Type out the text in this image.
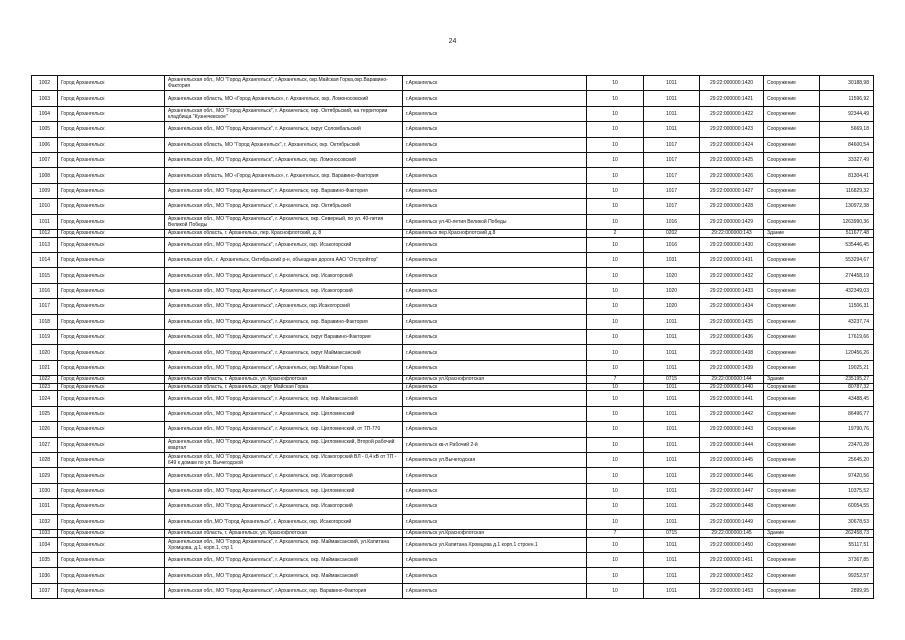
24
1002	Город Архангельск	Архангельская обл., МО "Город Архангельск", г.Архангельск, окр.Майская Горка,окр.Варавино-Фактория	г.Архангельск	10	1011	29:22:000000:1420	Сооружение	30188,98
1003	Город Архангельск	Архангельская область, МО «Город Архангельск», г. Архангельск, окр. Ломоносовский	г.Архангельск	10	1011	29:22:000000:1421	Сооружение	11596,92
1004	Город Архангельск	Архангельская обл., МО "Город Архангельск", г. Архангельск, окр. Октябрьский, на территории кладбища "Кузнечевское"	г.Архангельск	10	1011	29:22:000000:1422	Сооружение	92344,49
1005	Город Архангельск	Архангельская обл., МО "Город Архангельск", г. Архангельск, округ Соломбальский	г.Архангельск	10	1011	29:22:000000:1423	Сооружение	5669,18
1006	Город Архангельск	Архангельская область, МО "Город Архангельск", г. Архангельск, окр. Октябрьский	г.Архангельск	10	1017	29:22:000000:1424	Сооружение	84600,54
1007	Город Архангельск	Архангельская обл., МО "Город Архангельск", г.Архангельск, окр. Ломоносовский	г.Архангельск	10	1017	29:22:000000:1425	Сооружение	33327,49
1008	Город Архангельск	Архангельская область, МО «Город Архангельск», г. Архангельск, окр. Варавино-Фактория	г.Архангельск	10	1017	29:22:000000:1426	Сооружение	81304,41
1009	Город Архангельск	Архангельская обл., МО "Город Архангельск", г. Архангельск, окр. Варавино-Фактория	г.Архангельск	10	1017	29:22:000000:1427	Сооружение	116829,32
1010	Город Архангельск	Архангельская обл., МО "Город Архангельск", г. Архангельск, окр. Октябрьский	г.Архангельск	10	1017	29:22:000000:1428	Сооружение	130972,38
1011	Город Архангельск	Архангельская обл., МО "Город Архангельск", г. Архангельск, окр. Северный, по ул. 40-летия Великой Победы	г.Архангельск ул.40-летия Великой Победы	10	1016	29:22:000000:1429	Сооружение	1263990,36
1012	Город Архангельск	Архангельская область, г. Архангельск, пер. Краснофлотский, д. 8	г.Архангельск пер.Краснофлотский д.8	2	0202	29:22:000000:143	Здание	511677,48
1013	Город Архангельск	Архангельская обл., МО "Город Архангельск", г.Архангельск, окр. Исакогорский	г.Архангельск	10	1016	29:22:000000:1430	Сооружение	535446,45
1014	Город Архангельск	Архангельская обл., г. Архангельск, Октябрьский р-н, объездная дорога ААО "Отстройтор"	г.Архангельск	10	1031	29:22:000000:1431	Сооружение	553294,67
1015	Город Архангельск	Архангельская обл., МО "Город Архангельск", г. Архангельск, окр. Исакогорский	г.Архангельск	10	1020	29:22:000000:1432	Сооружение	274458,19
1016	Город Архангельск	Архангельская обл., МО "Город Архангельск", г. Архангельск, окр. Исакогорский	г.Архангельск	10	1020	29:22:000000:1433	Сооружение	432349,03
1017	Город Архангельск	Архангельская обл., МО "Город Архангельск", г.Архангельск, окр.Исакогорский	г.Архангельск	10	1020	29:22:000000:1434	Сооружение	11506,31
1018	Город Архангельск	Архангельская обл., МО "Город Архангельск", г. Архангельск, окр. Варавино-Фактория	г.Архангельск	10	1011	29:22:000000:1435	Сооружение	43237,74
1019	Город Архангельск	Архангельская обл., МО "Город Архангельск", г. Архангельск, округ Варавино-Фактория	г.Архангельск	10	1011	29:22:000000:1436	Сооружение	17619,66
1020	Город Архангельск	Архангельская обл., МО "Город Архангельск", г. Архангельск, округ Маймаксанский	г.Архангельск	10	1011	29:22:000000:1438	Сооружение	120456,26
1021	Город Архангельск	Архангельская обл., МО "Город Архангельск", г.Архангельск, окр.Майская Горка	г.Архангельск	10	1011	29:22:000000:1439	Сооружение	19025,21
1022	Город Архангельск	Архангельская область, г. Архангельск, ул. Краснофлотская	г.Архангельск ул.Краснофлотская	7	0715	29:22:000000:144	Здание	235195,27
1023	Город Архангельск	Архангельская область, г. Архангельск, округ Майская Горка	г.Архангельск	10	1011	29:22:000000:1440	Сооружение	80787,32
1024	Город Архангельск	Архангельская обл., МО "Город Архангельск", г. Архангельск, окр. Маймаксанский	г.Архангельск	10	1011	29:22:000000:1441	Сооружение	43488,45
1025	Город Архангельск	Архангельская обл., МО "Город Архангельск", г. Архангельск, окр. Цигломенский	г.Архангельск	10	1011	29:22:000000:1442	Сооружение	86496,77
1026	Город Архангельск	Архангельская обл., МО "Город Архангельск", г. Архангельск, окр. Цигломенский, от ТП-770	г.Архангельск	10	1011	29:22:000000:1443	Сооружение	19790,76
1027	Город Архангельск	Архангельская обл., МО "Город Архангельск", г. Архангельск, окр. Цигломенский, Второй рабочий квартал	г.Архангельск кв-л Рабочий 2-й	10	1011	29:22:000000:1444	Сооружение	23470,28
1028	Город Архангельск	Архангельская обл., МО "Город Архангельск", г. Архангельск, окр. Исакогорский ВЛ - 0,4 кВ от ТП - 649 к домам по ул. Вычегодской	г.Архангельск ул.Вычегодская	10	1011	29:22:000000:1445	Сооружение	25645,20
1029	Город Архангельск	Архангельская обл., МО "Город Архангельск", г. Архангельск, окр. Исакогорский	г.Архангельск	10	1011	29:22:000000:1446	Сооружение	97420,56
1030	Город Архангельск	Архангельская обл., МО "Город Архангельск", г. Архангельск, окр. Цигломенский	г.Архангельск	10	1011	29:22:000000:1447	Сооружение	10375,52
1031	Город Архангельск	Архангельская обл., МО "Город Архангельск", г. Архангельск, окр. Исакогорский	г.Архангельск	10	1011	29:22:000000:1448	Сооружение	60054,55
1032	Город Архангельск	Архангельская обл.,МО "Город Архангельск", г. Архангельск, окр. Исакогорский	г.Архангельск	10	1011	29:22:000000:1449	Сооружение	30678,53
1033	Город Архангельск	Архангельская область, г. Архангельск, ул. Краснофлотская	г.Архангельск ул.Краснофлотская	7	0715	29:22:000000:145	Здание	262458,73
1034	Город Архангельск	Архангельская обл., МО "Город Архангельск", г. Архангельск, окр. Маймаксанский, ул.Капитана Хромцова, д.1, корп.1, стр 1	г.Архангельск ул.Капитана Хромцова д.1 корп.1 строен.1	10	1011	29:22:000000:1450	Сооружение	55117,51
1035	Город Архангельск	Архангельская обл., МО "Город Архангельск", г. Архангельск, окр. Маймаксанский	г.Архангельск	10	1011	29:22:000000:1451	Сооружение	37367,85
1036	Город Архангельск	Архангельская обл., МО "Город Архангельск", г. Архангельск, окр. Маймаксанский	г.Архангельск	10	1011	29:22:000000:1452	Сооружение	99252,57
1037	Город Архангельск	Архангельская обл., МО "Город Архангельск", г.Архангельск, окр. Варавино-Фактория	г.Архангельск	10	1011	29:22:000000:1453	Сооружение	2899,95
